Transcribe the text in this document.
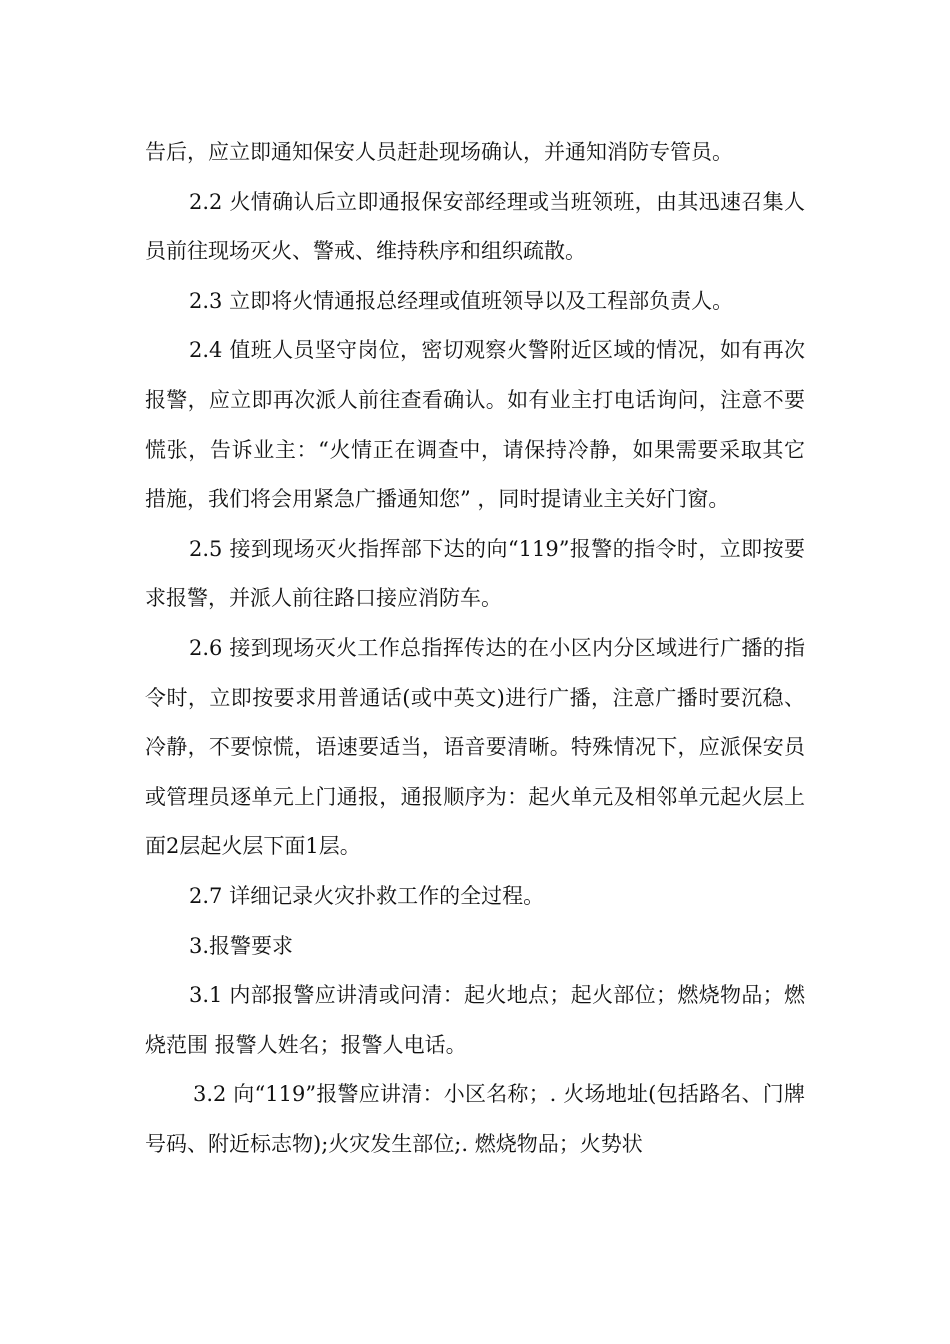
告后，应立即通知保安人员赶赴现场确认，并通知消防专管员。

2.2 火情确认后立即通报保安部经理或当班领班，由其迅速召集人员前往现场灭火、警戒、维持秩序和组织疏散。

2.3 立即将火情通报总经理或值班领导以及工程部负责人。

2.4 值班人员坚守岗位，密切观察火警附近区域的情况，如有再次报警，应立即再次派人前往查看确认。如有业主打电话询问，注意不要慌张，告诉业主：“火情正在调查中，请保持冷静，如果需要采取其它措施，我们将会用紧急广播通知您” ，同时提请业主关好门窗。

2.5 接到现场灭火指挥部下达的向“119”报警的指令时，立即按要求报警，并派人前往路口接应消防车。

2.6 接到现场灭火工作总指挥传达的在小区内分区域进行广播的指令时，立即按要求用普通话(或中英文)进行广播，注意广播时要沉稳、冷静，不要惊慌，语速要适当，语音要清晰。特殊情况下，应派保安员或管理员逐单元上门通报，通报顺序为：起火单元及相邻单元起火层上面2层起火层下面1层。

2.7 详细记录火灾扑救工作的全过程。

3.报警要求

3.1 内部报警应讲清或问清：起火地点；起火部位；燃烧物品；燃烧范围 报警人姓名；报警人电话。

3.2 向“119”报警应讲清：小区名称；. 火场地址(包括路名、门牌号码、附近标志物);火灾发生部位;. 燃烧物品；火势状
